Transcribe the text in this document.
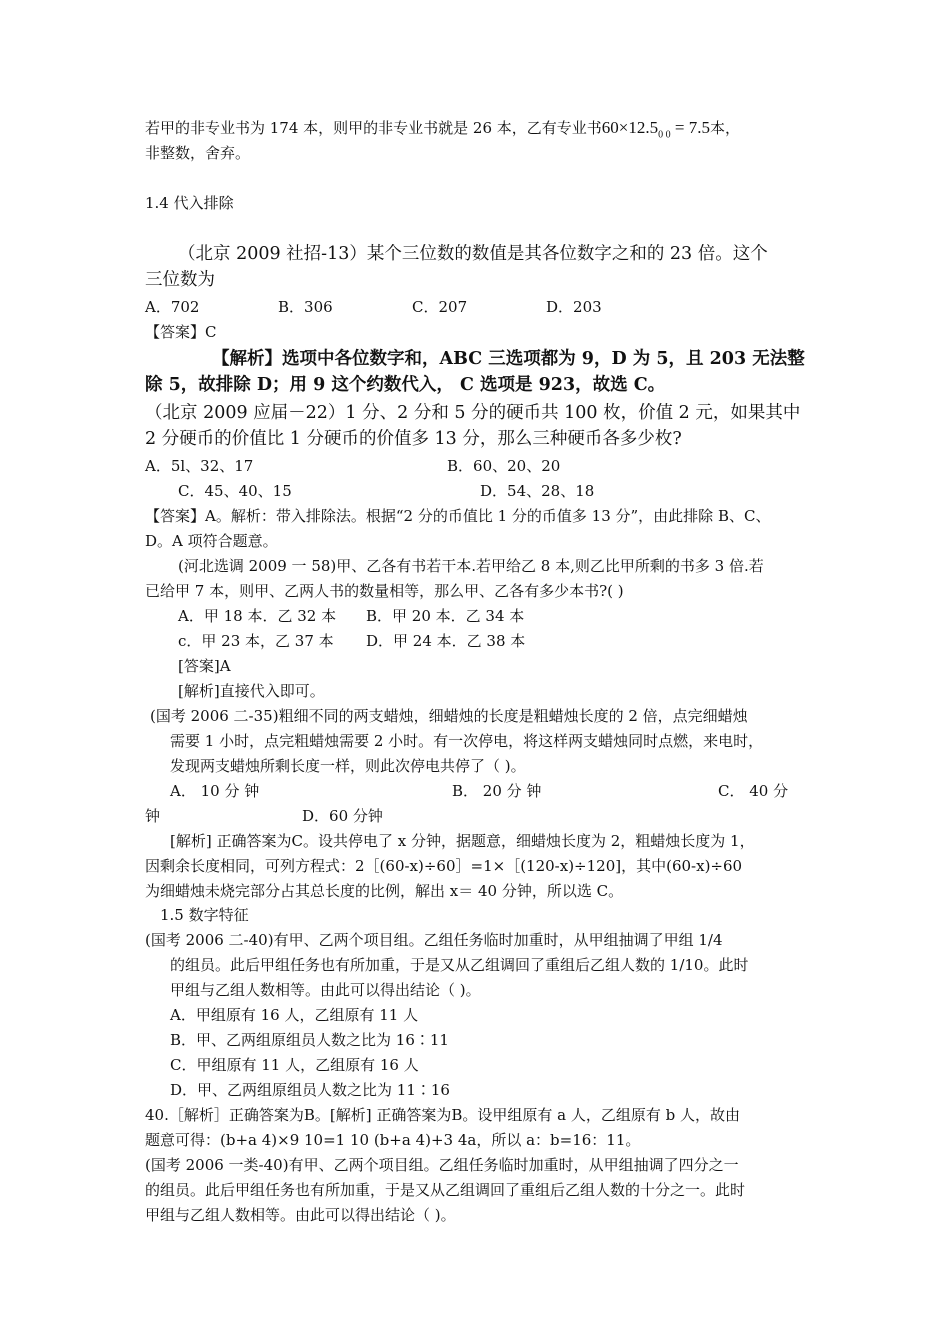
若甲的非专业书为 174 本，则甲的非专业书就是 26 本，乙有专业书$60\times 12.5_{0 0} = 7.5$本，
非整数，舍弃。
1.4 代入排除
（北京 2009 社招-13）某个三位数的数值是其各位数字之和的 23 倍。这个
三位数为
A．702	B．306	C．207	D．203
【答案】C
【解析】选项中各位数字和，ABC 三选项都为 9，D 为 5，且 203 无法整
除 5，故排除 D；用 9 这个约数代入， C 选项是 923，故选 C。
（北京 2009 应届－22）1 分、2 分和 5 分的硬币共 100 枚，价值 2 元，如果其中
2 分硬币的价值比 1 分硬币的价值多 13 分，那么三种硬币各多少枚?
A．5l、32、17	B．60、20、20
C．45、40、15	D．54、28、18
【答案】A。解析：带入排除法。根据“2 分的币值比 1 分的币值多 13 分”，由此排除 B、C、
D。A 项符合题意。
(河北选调 2009 一 58)甲、乙各有书若干本.若甲给乙 8 本,则乙比甲所剩的书多 3 倍.若
已给甲 7 本，则甲、乙两人书的数量相等，那么甲、乙各有多少本书?( )
A．甲 18 本．乙 32 本 B．甲 20 本．乙 34 本
c．甲 23 本，乙 37 本 D．甲 24 本．乙 38 本
[答案]A
[解析]直接代入即可。
(国考 2006 二-35)粗细不同的两支蜡烛，细蜡烛的长度是粗蜡烛长度的 2 倍，点完细蜡烛
需要 1 小时，点完粗蜡烛需要 2 小时。有一次停电，将这样两支蜡烛同时点燃，来电时，
发现两支蜡烛所剩长度一样，则此次停电共停了（ )。
A． 10 分 钟	B． 20 分 钟	C． 40 分
钟	D．60 分钟
[解析] 正确答案为C。设共停电了 x 分钟，据题意，细蜡烛长度为 2，粗蜡烛长度为 1，
因剩余长度相同，可列方程式：2［(60-x)÷60］=1×［(120-x)÷120]，其中(60-x)÷60
为细蜡烛未烧完部分占其总长度的比例，解出 x＝ 40 分钟，所以选 C。
1.5 数字特征
(国考 2006 二-40)有甲、乙两个项目组。乙组任务临时加重时，从甲组抽调了甲组 1/4
的组员。此后甲组任务也有所加重，于是又从乙组调回了重组后乙组人数的 1/10。此时
甲组与乙组人数相等。由此可以得出结论（ )。
A．甲组原有 16 人，乙组原有 11 人
B．甲、乙两组原组员人数之比为 16∶11
C．甲组原有 11 人，乙组原有 16 人
D．甲、乙两组原组员人数之比为 11∶16
40.［解析］正确答案为B。[解析] 正确答案为B。设甲组原有 a 人，乙组原有 b 人，故由
题意可得：(b+a 4)×9 10=1 10 (b+a 4)+3 4a，所以 a：b=16：11。
(国考 2006 一类-40)有甲、乙两个项目组。乙组任务临时加重时，从甲组抽调了四分之一
的组员。此后甲组任务也有所加重，于是又从乙组调回了重组后乙组人数的十分之一。此时
甲组与乙组人数相等。由此可以得出结论（ )。
